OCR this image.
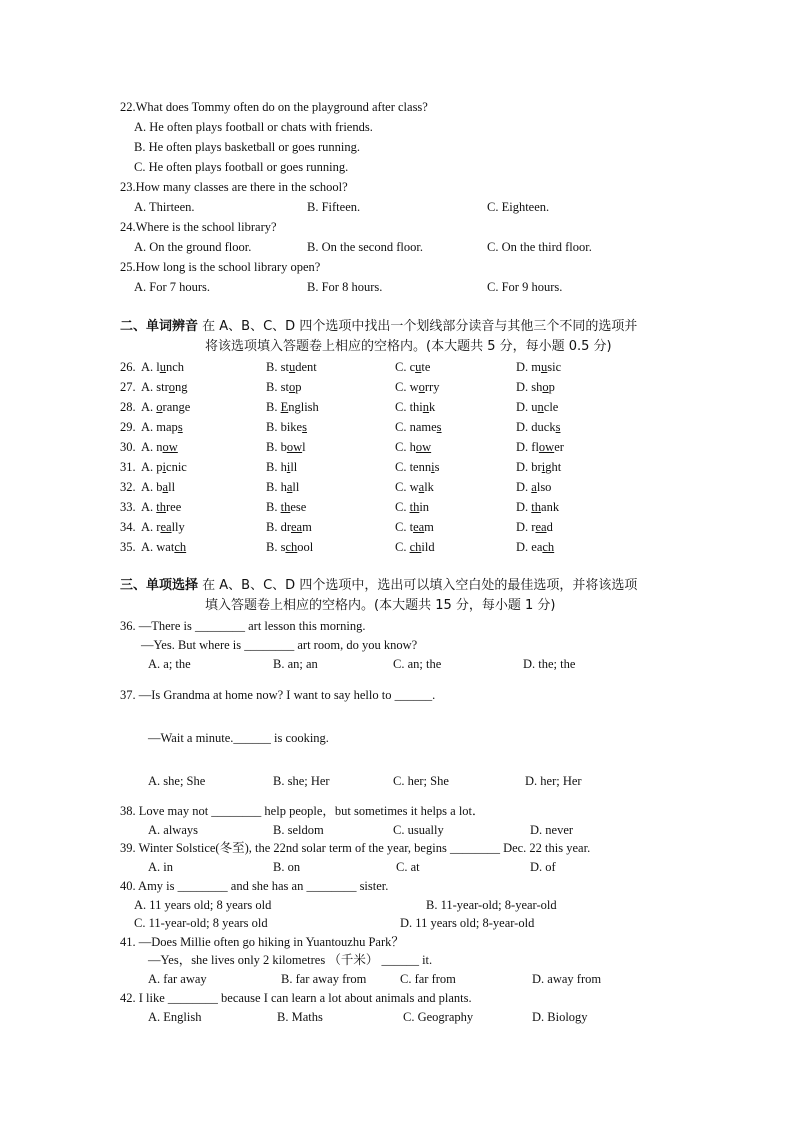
22.What does Tommy often do on the playground after class?
A. He often plays football or chats with friends.
B. He often plays basketball or goes running.
C. He often plays football or goes running.
23.How many classes are there in the school?
A. Thirteen.	B. Fifteen.	C. Eighteen.
24.Where is the school library?
A. On the ground floor.	B. On the second floor.	C. On the third floor.
25.How long is the school library open?
A. For 7 hours.	B. For 8 hours.	C. For 9 hours.
二、单词辨音 在 A、B、C、D 四个选项中找出一个划线部分读音与其他三个不同的选项并
将该选项填入答题卷上相应的空格内。(本大题共 5 分，每小题 0.5 分)
26. A. lunch	B. student	C. cute	D. music
27. A. strong	B. stop	C. worry	D. shop
28. A. orange	B. English	C. think	D. uncle
29. A. maps	B. bikes	C. names	D. ducks
30. A. now	B. bowl	C. how	D. flower
31. A. picnic	B. hill	C. tennis	D. bright
32. A. ball	B. hall	C. walk	D. also
33. A. three	B. these	C. thin	D. thank
34. A. really	B. dream	C. team	D. read
35. A. watch	B. school	C. child	D. each
三、单项选择 在 A、B、C、D 四个选项中，选出可以填入空白处的最佳选项，并将该选项
填入答题卷上相应的空格内。(本大题共 15 分，每小题 1 分)
36. —There is ________ art lesson this morning.
—Yes. But where is ________ art room, do you know?
A. a; the	B. an; an	C. an; the	D. the; the
37. —Is Grandma at home now? I want to say hello to ______.
—Wait a minute.______ is cooking.
A. she; She	B. she; Her	C. her; She	D. her; Her
38. Love may not ________ help people，but sometimes it helps a lot．
A. always	B. seldom	C. usually	D. never
39. Winter Solstice(冬至), the 22nd solar term of the year, begins ________ Dec. 22 this year.
A. in	B. on	C. at	D. of
40. Amy is ________ and she has an ________ sister.
A. 11 years old; 8 years old	B. 11-year-old; 8-year-old
C. 11-year-old; 8 years old	D. 11 years old; 8-year-old
41. —Does Millie often go hiking in Yuantouzhu Park？
—Yes，she lives only 2 kilometres （千米） ______ it.
A. far away	B. far away from	C. far from	D. away from
42. I like ________ because I can learn a lot about animals and plants.
A. English	B. Maths	C. Geography	D. Biology
